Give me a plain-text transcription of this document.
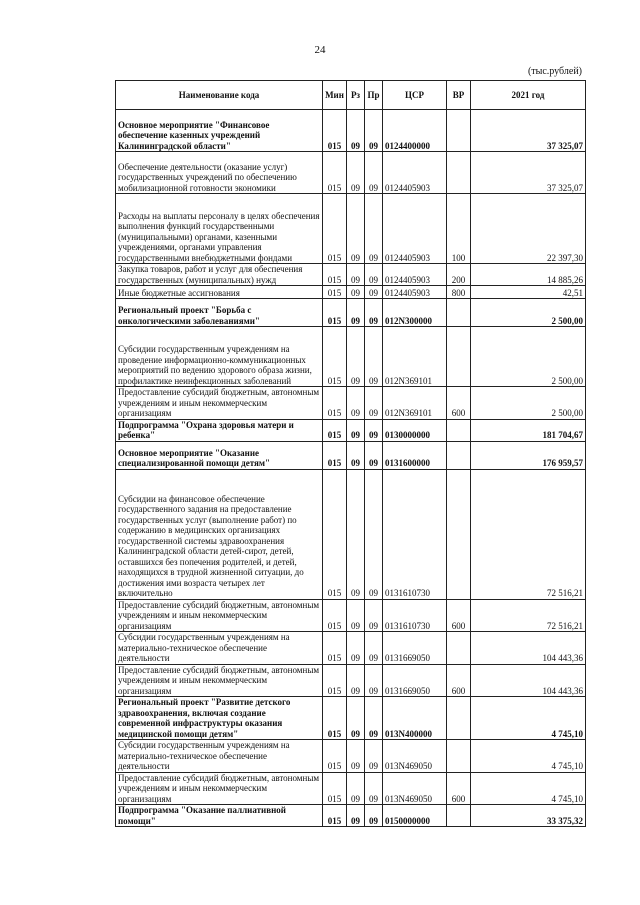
24
(тыс.рублей)
Наименование кода	Мин	Рз	Пр	ЦСР	ВР	2021 год
Основное мероприятие "Финансовое обеспечение казенных учреждений Калининградской области"	015	09	09	0124400000		37 325,07
Обеспечение деятельности (оказание услуг) государственных учреждений по обеспечению мобилизационной готовности экономики	015	09	09	0124405903		37 325,07
Расходы на выплаты персоналу в целях обеспечения выполнения функций государственными (муниципальными) органами, казенными учреждениями, органами управления государственными внебюджетными фондами	015	09	09	0124405903	100	22 397,30
Закупка товаров, работ и услуг для обеспечения государственных (муниципальных) нужд	015	09	09	0124405903	200	14 885,26
Иные бюджетные ассигнования	015	09	09	0124405903	800	42,51
Региональный проект "Борьба с онкологическими заболеваниями"	015	09	09	012N300000		2 500,00
Субсидии государственным учреждениям на проведение информационно-коммуникационных мероприятий по ведению здорового образа жизни, профилактике неинфекционных заболеваний	015	09	09	012N369101		2 500,00
Предоставление субсидий бюджетным, автономным учреждениям и иным некоммерческим организациям	015	09	09	012N369101	600	2 500,00
Подпрограмма "Охрана здоровья матери и ребенка"	015	09	09	0130000000		181 704,67
Основное мероприятие "Оказание специализированной помощи детям"	015	09	09	0131600000		176 959,57
Субсидии на финансовое обеспечение государственного задания на предоставление государственных услуг (выполнение работ) по содержанию в медицинских организациях государственной системы здравоохранения Калининградской области детей-сирот, детей, оставшихся без попечения родителей, и детей, находящихся в трудной жизненной ситуации, до достижения ими возраста четырех лет включительно	015	09	09	0131610730		72 516,21
Предоставление субсидий бюджетным, автономным учреждениям и иным некоммерческим организациям	015	09	09	0131610730	600	72 516,21
Субсидии государственным учреждениям на материально-техническое обеспечение деятельности	015	09	09	0131669050		104 443,36
Предоставление субсидий бюджетным, автономным учреждениям и иным некоммерческим организациям	015	09	09	0131669050	600	104 443,36
Региональный проект "Развитие детского здравоохранения, включая создание современной инфраструктуры оказания медицинской помощи детям"	015	09	09	013N400000		4 745,10
Субсидии государственным учреждениям на материально-техническое обеспечение деятельности	015	09	09	013N469050		4 745,10
Предоставление субсидий бюджетным, автономным учреждениям и иным некоммерческим организациям	015	09	09	013N469050	600	4 745,10
Подпрограмма "Оказание паллиативной помощи"	015	09	09	0150000000		33 375,32
